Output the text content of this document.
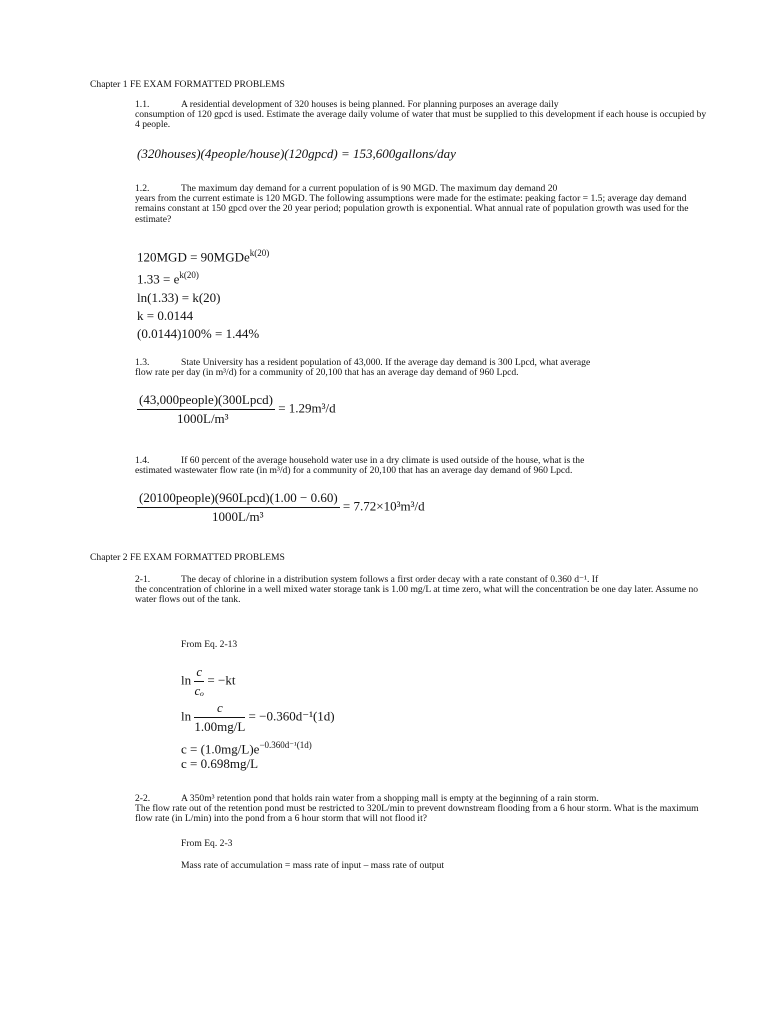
Chapter 1 FE EXAM FORMATTED PROBLEMS
1.1.	A residential development of 320 houses is being planned. For planning purposes an average daily
consumption of 120 gpcd is used. Estimate the average daily volume of water that must be supplied to this development if each house is occupied by 4 people.
(320houses)(4people/house)(120gpcd) = 153,600gallons/day
1.2.	The maximum day demand for a current population of is 90 MGD. The maximum day demand 20
years from the current estimate is 120 MGD. The following assumptions were made for the estimate: peaking factor = 1.5; average day demand remains constant at 150 gpcd over the 20 year period; population growth is exponential. What annual rate of population growth was used for the estimate?
120MGD = 90MGDe$^{k(20)}$
$1.33 = e^{k(20)}$
ln(1.33) = k(20)
k = 0.0144
(0.0144)100% = 1.44%
1.3.	State University has a resident population of 43,000. If the average day demand is 300 Lpcd, what average
flow rate per day (in m³/d) for a community of 20,100 that has an average day demand of 960 Lpcd.
$\frac{\text{(43,000people)(300Lpcd)}}{\text{1000L/m³}} = 1.29m^3/d$
1.4.	If 60 percent of the average household water use in a dry climate is used outside of the house, what is the
estimated wastewater flow rate (in m³/d) for a community of 20,100 that has an average day demand of 960 Lpcd.
$\frac{\text{(20100people)(960Lpcd)(1.00 − 0.60)}}{\text{1000L/m³}} = 7.72\times 10^3m^3/d$
Chapter 2 FE EXAM FORMATTED PROBLEMS
2-1.	The decay of chlorine in a distribution system follows a first order decay with a rate constant of 0.360 d⁻¹. If
the concentration of chlorine in a well mixed water storage tank is 1.00 mg/L at time zero, what will the concentration be one day later. Assume no water flows out of the tank.
From Eq. 2-13
$\ln \frac{c}{\text{cₒ}} = -kt$
$\ln \frac{c}{1.00mg/L} = -0.360d^{-1}(1d)$
$c = (1.0mg/L)e^{-0.360d^{-1}(1d)}$
c = 0.698mg/L
2-2.	A 350m³ retention pond that holds rain water from a shopping mall is empty at the beginning of a rain storm.
The flow rate out of the retention pond must be restricted to 320L/min to prevent downstream flooding from a 6 hour storm. What is the maximum flow rate (in L/min) into the pond from a 6 hour storm that will not flood it?
From Eq. 2-3
Mass rate of accumulation = mass rate of input – mass rate of output
